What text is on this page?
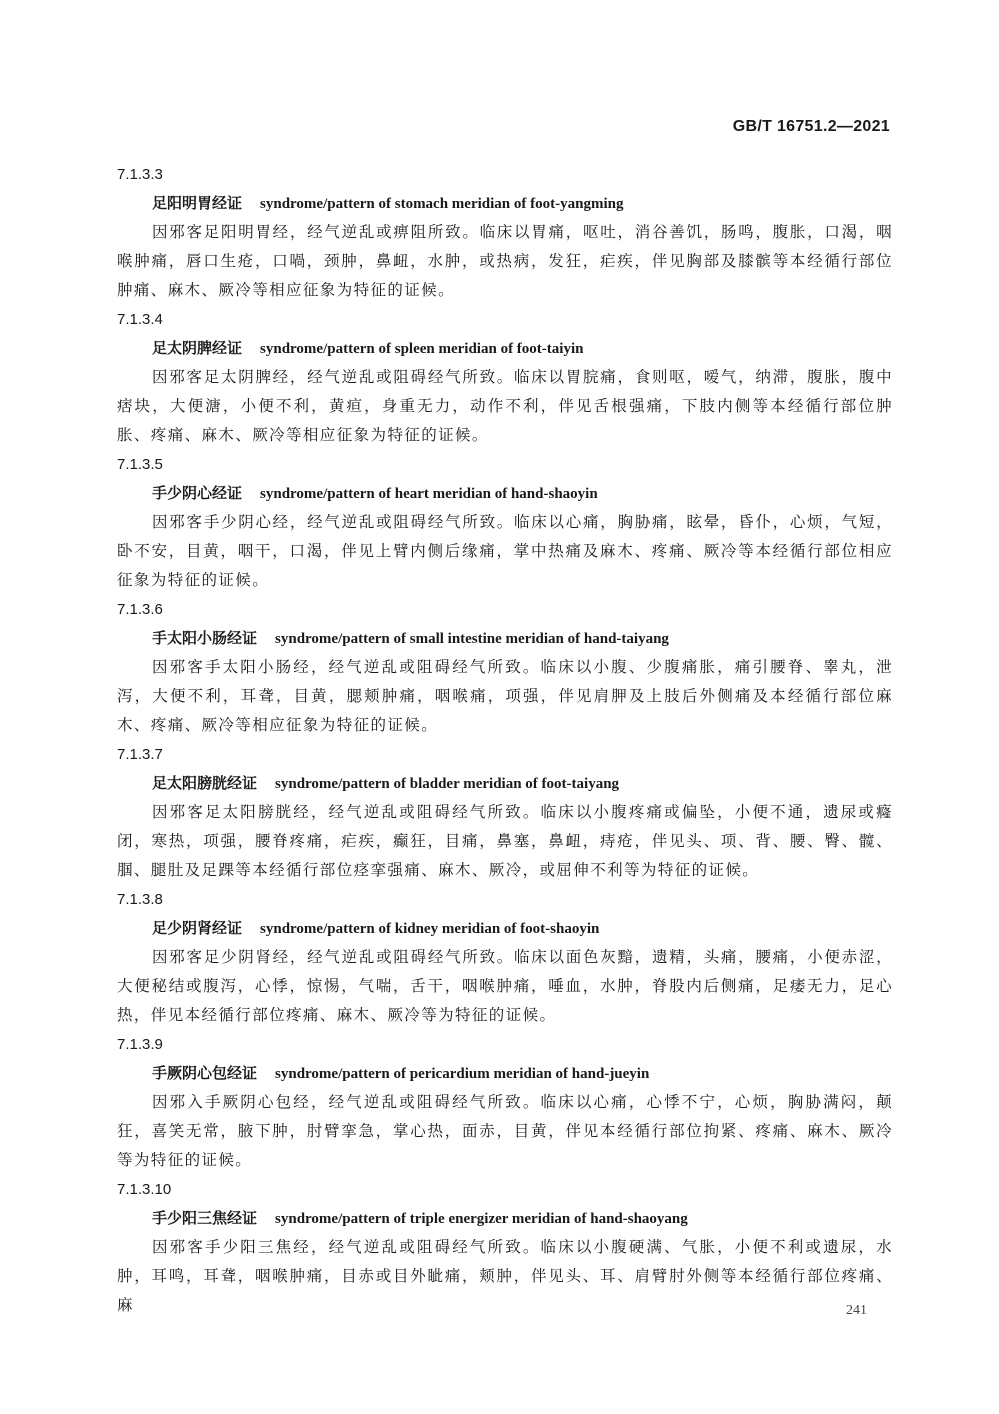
GB/T 16751.2—2021
7.1.3.3
足阳明胃经证 syndrome/pattern of stomach meridian of foot-yangming
因邪客足阳明胃经，经气逆乱或痹阻所致。临床以胃痛，呕吐，消谷善饥，肠鸣，腹胀，口渴，咽喉肿痛，唇口生疮，口喎，颈肿，鼻衄，水肿，或热病，发狂，疟疾，伴见胸部及膝髌等本经循行部位肿痛、麻木、厥冷等相应征象为特征的证候。
7.1.3.4
足太阴脾经证 syndrome/pattern of spleen meridian of foot-taiyin
因邪客足太阴脾经，经气逆乱或阻碍经气所致。临床以胃脘痛，食则呕，嗳气，纳滞，腹胀，腹中痞块，大便溏，小便不利，黄疸，身重无力，动作不利，伴见舌根强痛，下肢内侧等本经循行部位肿胀、疼痛、麻木、厥冷等相应征象为特征的证候。
7.1.3.5
手少阴心经证 syndrome/pattern of heart meridian of hand-shaoyin
因邪客手少阴心经，经气逆乱或阻碍经气所致。临床以心痛，胸胁痛，眩晕，昏仆，心烦，气短，卧不安，目黄，咽干，口渴，伴见上臂内侧后缘痛，掌中热痛及麻木、疼痛、厥冷等本经循行部位相应征象为特征的证候。
7.1.3.6
手太阳小肠经证 syndrome/pattern of small intestine meridian of hand-taiyang
因邪客手太阳小肠经，经气逆乱或阻碍经气所致。临床以小腹、少腹痛胀，痛引腰脊、睾丸，泄泻，大便不利，耳聋，目黄，腮颊肿痛，咽喉痛，项强，伴见肩胛及上肢后外侧痛及本经循行部位麻木、疼痛、厥冷等相应征象为特征的证候。
7.1.3.7
足太阳膀胱经证 syndrome/pattern of bladder meridian of foot-taiyang
因邪客足太阳膀胱经，经气逆乱或阻碍经气所致。临床以小腹疼痛或偏坠，小便不通，遗尿或癃闭，寒热，项强，腰脊疼痛，疟疾，癫狂，目痛，鼻塞，鼻衄，痔疮，伴见头、项、背、腰、臀、髋、腘、腿肚及足踝等本经循行部位痉挛强痛、麻木、厥冷，或屈伸不利等为特征的证候。
7.1.3.8
足少阴肾经证 syndrome/pattern of kidney meridian of foot-shaoyin
因邪客足少阴肾经，经气逆乱或阻碍经气所致。临床以面色灰黯，遗精，头痛，腰痛，小便赤涩，大便秘结或腹泻，心悸，惊惕，气喘，舌干，咽喉肿痛，唾血，水肿，脊股内后侧痛，足痿无力，足心热，伴见本经循行部位疼痛、麻木、厥冷等为特征的证候。
7.1.3.9
手厥阴心包经证 syndrome/pattern of pericardium meridian of hand-jueyin
因邪入手厥阴心包经，经气逆乱或阻碍经气所致。临床以心痛，心悸不宁，心烦，胸胁满闷，颠狂，喜笑无常，腋下肿，肘臂挛急，掌心热，面赤，目黄，伴见本经循行部位拘紧、疼痛、麻木、厥冷等为特征的证候。
7.1.3.10
手少阳三焦经证 syndrome/pattern of triple energizer meridian of hand-shaoyang
因邪客手少阳三焦经，经气逆乱或阻碍经气所致。临床以小腹硬满、气胀，小便不利或遗尿，水肿，耳鸣，耳聋，咽喉肿痛，目赤或目外眦痛，颊肿，伴见头、耳、肩臂肘外侧等本经循行部位疼痛、麻	241
